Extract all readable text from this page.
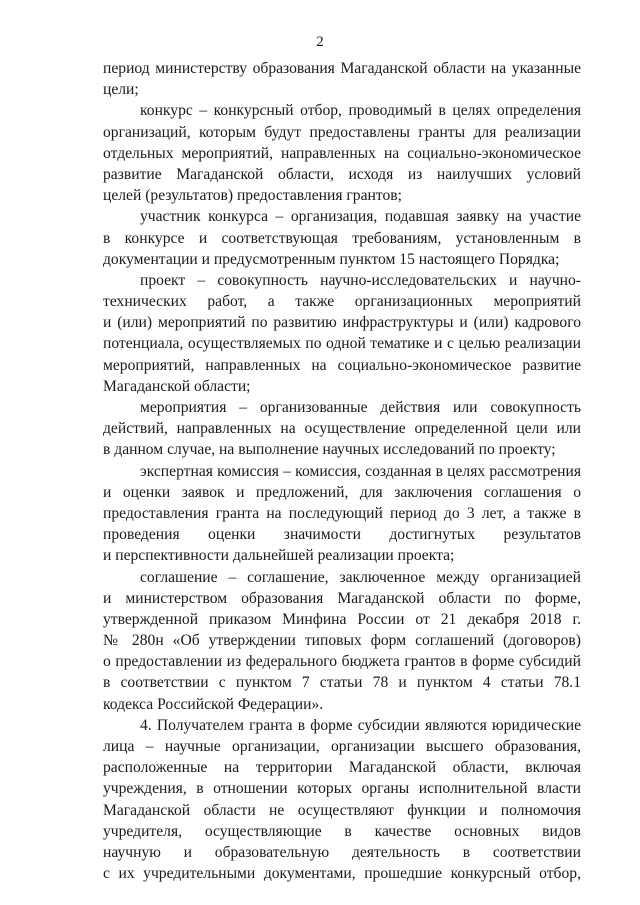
2
период министерству образования Магаданской области на указанные
цели;
конкурс – конкурсный отбор, проводимый в целях определения
организаций, которым будут предоставлены гранты для реализации
отдельных мероприятий, направленных на социально-экономическое
развитие Магаданской области, исходя из наилучших условий
целей (результатов) предоставления грантов;
участник конкурса – организация, подавшая заявку на участие
в конкурсе и соответствующая требованиям, установленным в
документации и предусмотренным пунктом 15 настоящего Порядка;
проект – совокупность научно-исследовательских и научно-
технических работ, а также организационных мероприятий
и (или) мероприятий по развитию инфраструктуры и (или) кадрового
потенциала, осуществляемых по одной тематике и с целью реализации
мероприятий, направленных на социально-экономическое развитие
Магаданской области;
мероприятия – организованные действия или совокупность
действий, направленных на осуществление определенной цели или
в данном случае, на выполнение научных исследований по проекту;
экспертная комиссия – комиссия, созданная в целях рассмотрения
и оценки заявок и предложений, для заключения соглашения о
предоставления гранта на последующий период до 3 лет, а также в
проведения оценки значимости достигнутых результатов
и перспективности дальнейшей реализации проекта;
соглашение – соглашение, заключенное между организацией
и министерством образования Магаданской области по форме,
утвержденной приказом Минфина России от 21 декабря 2018 г.
№ 280н «Об утверждении типовых форм соглашений (договоров)
о предоставлении из федерального бюджета грантов в форме субсидий
в соответствии с пунктом 7 статьи 78 и пунктом 4 статьи 78.1
кодекса Российской Федерации».
4. Получателем гранта в форме субсидии являются юридические
лица – научные организации, организации высшего образования,
расположенные на территории Магаданской области, включая
учреждения, в отношении которых органы исполнительной власти
Магаданской области не осуществляют функции и полномочия
учредителя, осуществляющие в качестве основных видов
научную и образовательную деятельность в соответствии
с их учредительными документами, прошедшие конкурсный отбор,
